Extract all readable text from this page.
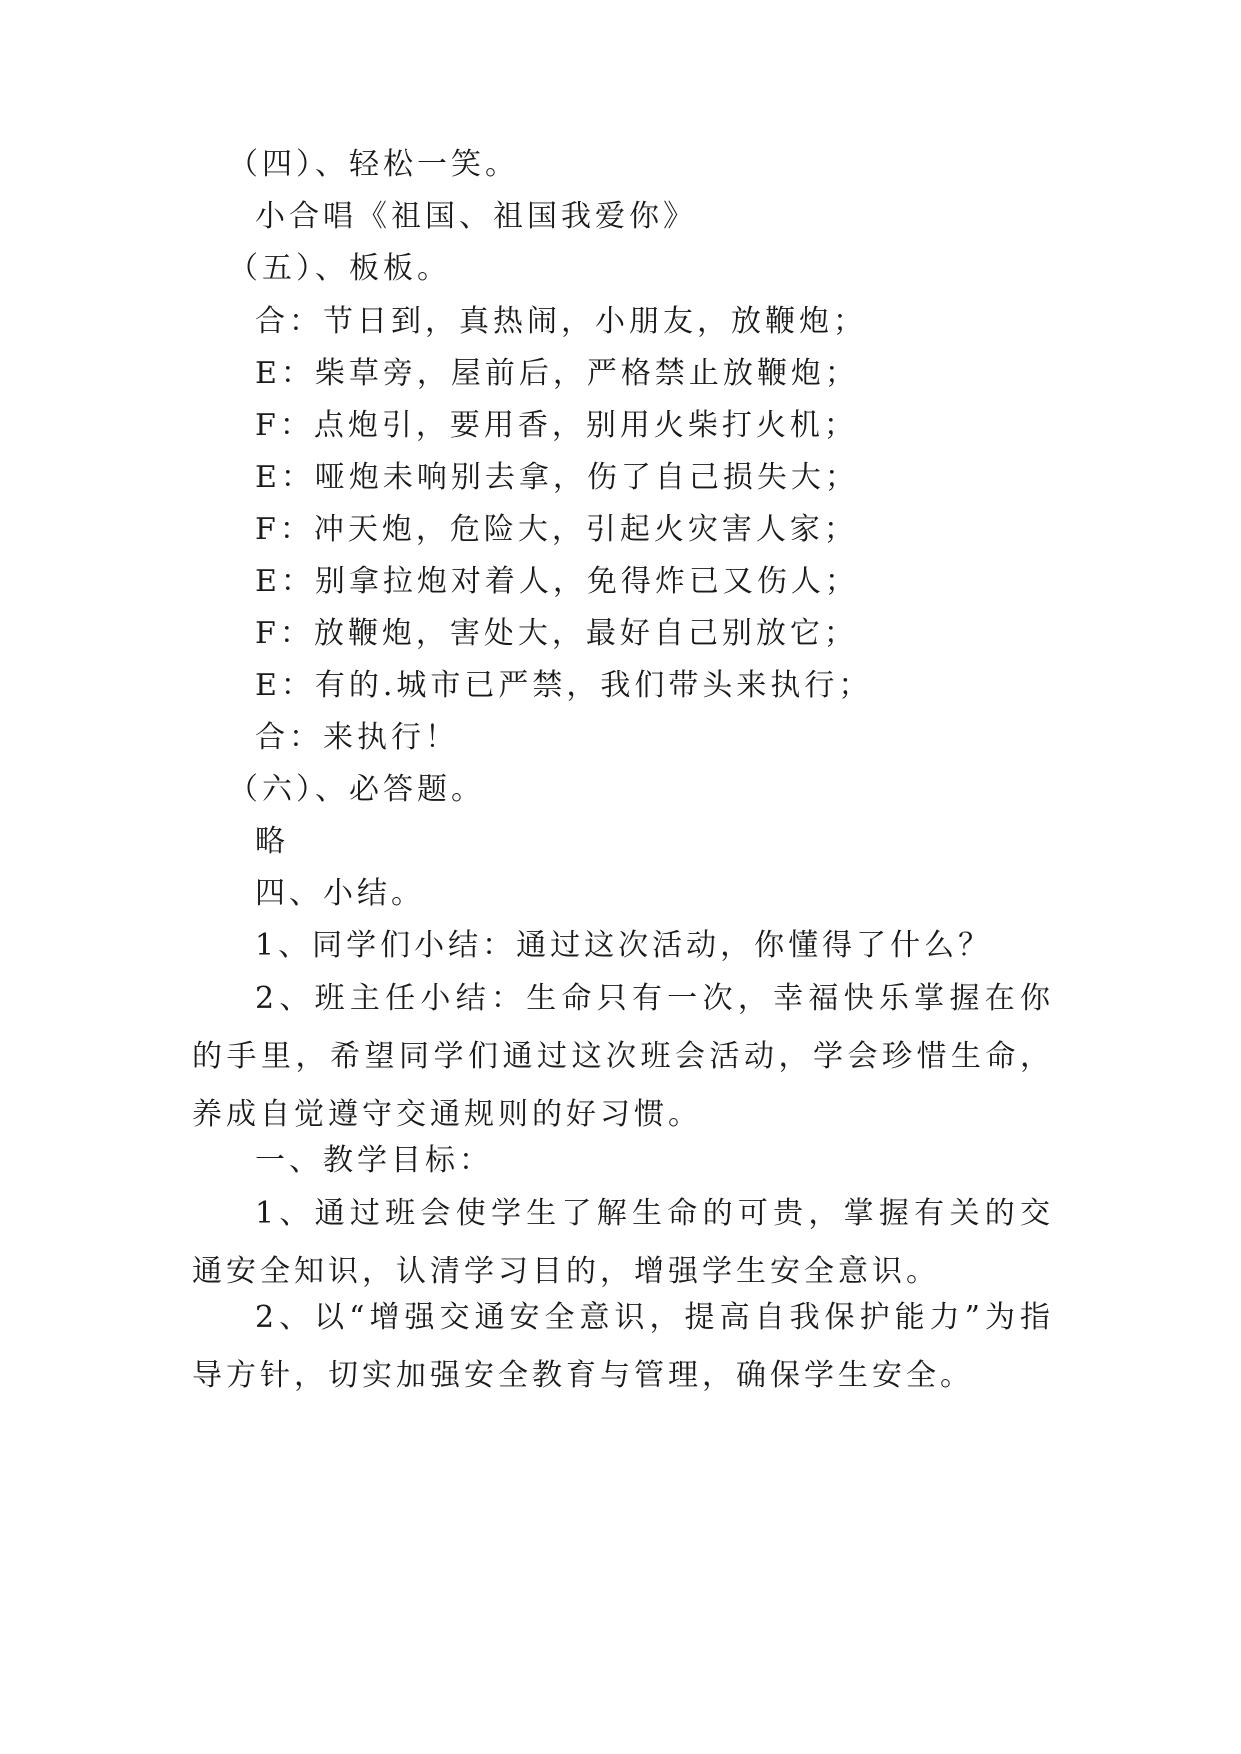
（四）、轻松一笑。
小合唱《祖国、祖国我爱你》
（五）、板板。
合：节日到，真热闹，小朋友，放鞭炮；
E：柴草旁，屋前后，严格禁止放鞭炮；
F：点炮引，要用香，别用火柴打火机；
E：哑炮未响别去拿，伤了自己损失大；
F：冲天炮，危险大，引起火灾害人家；
E：别拿拉炮对着人，免得炸已又伤人；
F：放鞭炮，害处大，最好自己别放它；
E：有的.城市已严禁，我们带头来执行；
合：来执行！
（六）、必答题。
略
四、小结。
1、同学们小结：通过这次活动，你懂得了什么？
2、班主任小结：生命只有一次，幸福快乐掌握在你的手里，希望同学们通过这次班会活动，学会珍惜生命，养成自觉遵守交通规则的好习惯。
一、教学目标：
1、通过班会使学生了解生命的可贵，掌握有关的交通安全知识，认清学习目的，增强学生安全意识。
2、以“增强交通安全意识，提高自我保护能力”为指导方针，切实加强安全教育与管理，确保学生安全。
